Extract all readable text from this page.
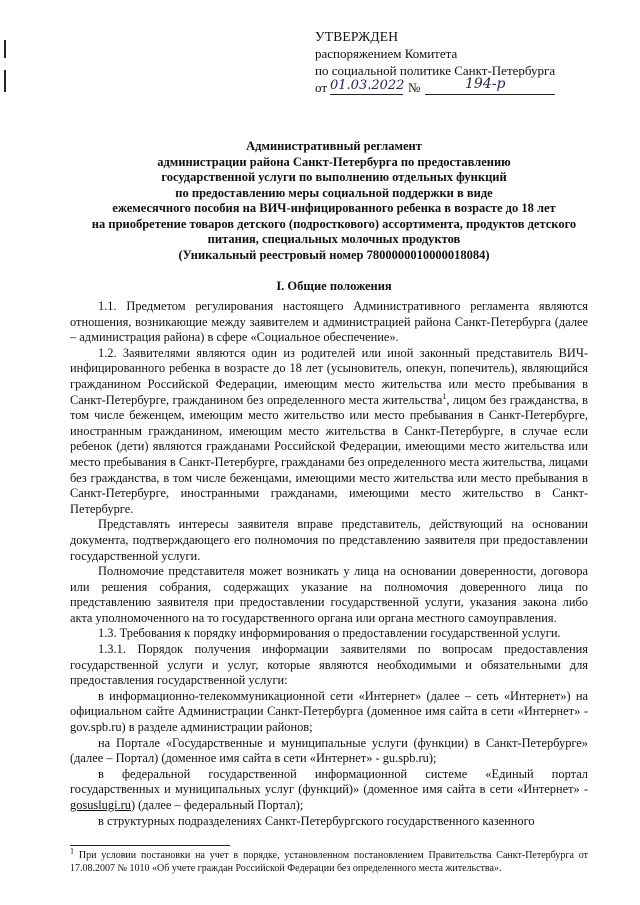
УТВЕРЖДЕН
распоряжением Комитета
по социальной политике Санкт-Петербурга
от 01.03.2022 №	194-р
Административный регламент
администрации района Санкт-Петербурга по предоставлению
государственной услуги по выполнению отдельных функций
по предоставлению меры социальной поддержки в виде
ежемесячного пособия на ВИЧ-инфицированного ребенка в возрасте до 18 лет
на приобретение товаров детского (подросткового) ассортимента, продуктов детского
питания, специальных молочных продуктов
(Уникальный реестровый номер 7800000010000018084)
I. Общие положения

1.1. Предметом регулирования настоящего Административного регламента являются отношения, возникающие между заявителем и администрацией района Санкт-Петербурга (далее – администрация района) в сфере «Социальное обеспечение».

1.2. Заявителями являются один из родителей или иной законный представитель ВИЧ-инфицированного ребенка в возрасте до 18 лет (усыновитель, опекун, попечитель), являющийся гражданином Российской Федерации, имеющим место жительства или место пребывания в Санкт-Петербурге, гражданином без определенного места жительства$^1$, лицом без гражданства, в том числе беженцем, имеющим место жительство или место пребывания в Санкт-Петербурге, иностранным гражданином, имеющим место жительства в Санкт-Петербурге, в случае если ребенок (дети) являются гражданами Российской Федерации, имеющими место жительства или место пребывания в Санкт-Петербурге, гражданами без определенного места жительства, лицами без гражданства, в том числе беженцами, имеющими место жительства или место пребывания в Санкт-Петербурге, иностранными гражданами, имеющими место жительство в Санкт-Петербурге.

Представлять интересы заявителя вправе представитель, действующий на основании документа, подтверждающего его полномочия по представлению заявителя при предоставлении государственной услуги.

Полномочие представителя может возникать у лица на основании доверенности, договора или решения собрания, содержащих указание на полномочия доверенного лица по представлению заявителя при предоставлении государственной услуги, указания закона либо акта уполномоченного на то государственного органа или органа местного самоуправления.

1.3. Требования к порядку информирования о предоставлении государственной услуги.

1.3.1. Порядок получения информации заявителями по вопросам предоставления государственной услуги и услуг, которые являются необходимыми и обязательными для предоставления государственной услуги:

в информационно-телекоммуникационной сети «Интернет» (далее – сеть «Интернет») на официальном сайте Администрации Санкт-Петербурга (доменное имя сайта в сети «Интернет» - gov.spb.ru) в разделе администрации районов;

на Портале «Государственные и муниципальные услуги (функции) в Санкт-Петербурге» (далее – Портал) (доменное имя сайта в сети «Интернет» - gu.spb.ru);

в федеральной государственной информационной системе «Единый портал государственных и муниципальных услуг (функций)» (доменное имя сайта в сети «Интернет» - gosuslugi.ru) (далее – федеральный Портал);

в структурных подразделениях Санкт-Петербургского государственного казенного

$^1$ При условии постановки на учет в порядке, установленном постановлением Правительства Санкт-Петербурга от 17.08.2007 № 1010 «Об учете граждан Российской Федерации без определенного места жительства».
